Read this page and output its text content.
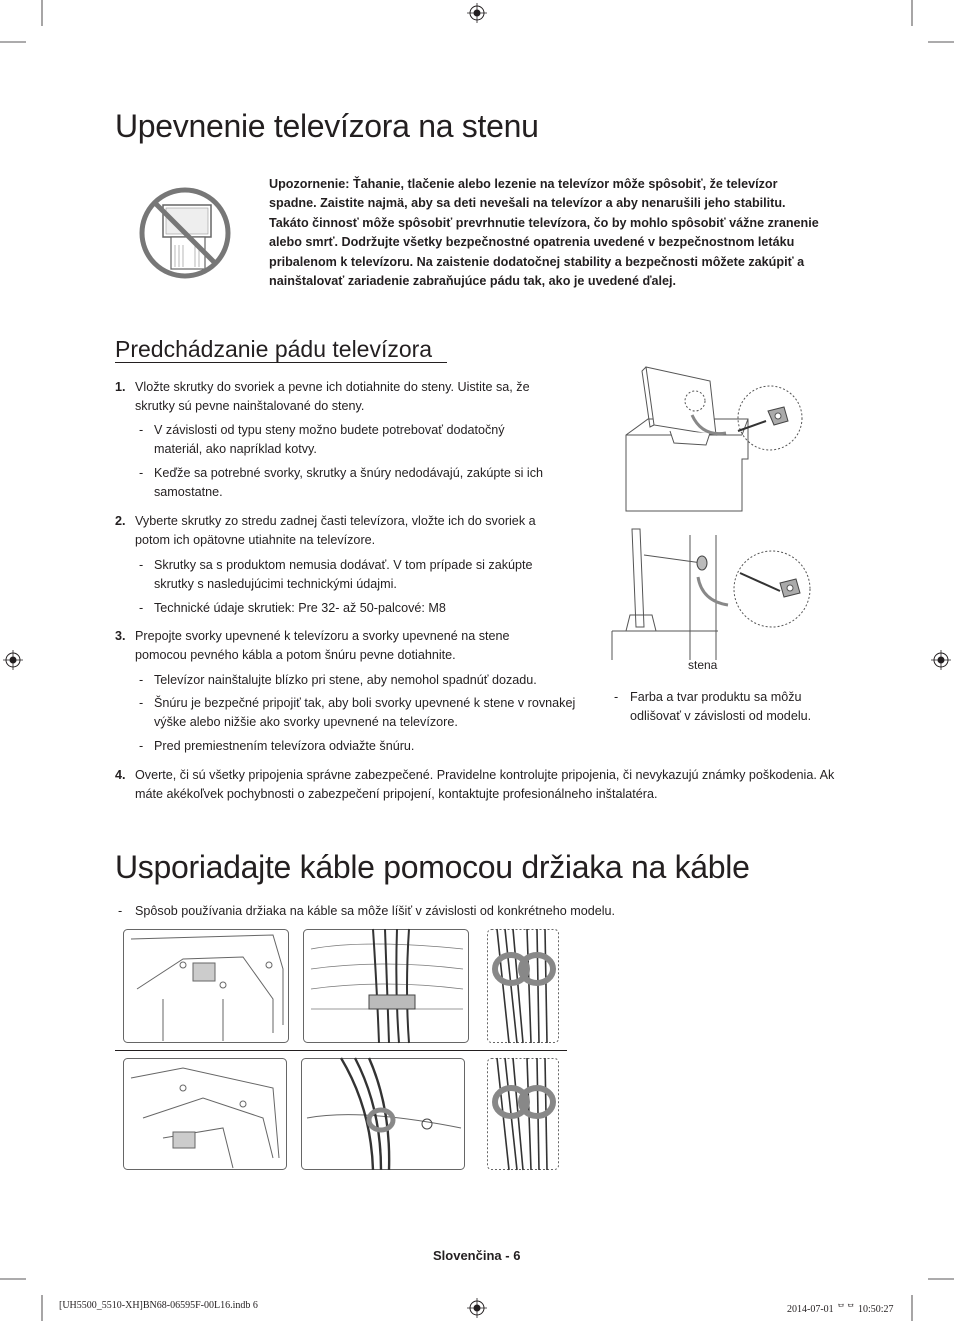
Upevnenie televízora na stenu

Upozornenie: Ťahanie, tlačenie alebo lezenie na televízor môže spôsobiť, že televízor spadne. Zaistite najmä, aby sa deti nevešali na televízor a aby nenarušili jeho stabilitu. Takáto činnosť môže spôsobiť prevrhnutie televízora, čo by mohlo spôsobiť vážne zranenie alebo smrť. Dodržujte všetky bezpečnostné opatrenia uvedené v bezpečnostnom letáku pribalenom k televízoru. Na zaistenie dodatočnej stability a bezpečnosti môžete zakúpiť a nainštalovať zariadenie zabraňujúce pádu tak, ako je uvedené ďalej.

Predchádzanie pádu televízora
1. Vložte skrutky do svoriek a pevne ich dotiahnite do steny. Uistite sa, že skrutky sú pevne nainštalované do steny.

- V závislosti od typu steny možno budete potrebovať dodatočný materiál, ako napríklad kotvy.

- Keďže sa potrebné svorky, skrutky a šnúry nedodávajú, zakúpte si ich samostatne.

2. Vyberte skrutky zo stredu zadnej časti televízora, vložte ich do svoriek a potom ich opätovne utiahnite na televízore.

- Skrutky sa s produktom nemusia dodávať. V tom prípade si zakúpte skrutky s nasledujúcimi technickými údajmi.

- Technické údaje skrutiek: Pre 32- až 50-palcové: M8

3. Prepojte svorky upevnené k televízoru a svorky upevnené na stene pomocou pevného kábla a potom šnúru pevne dotiahnite.

- Televízor nainštalujte blízko pri stene, aby nemohol spadnúť dozadu.

- Šnúru je bezpečné pripojiť tak, aby boli svorky upevnené k stene v rovnakej výške alebo nižšie ako svorky upevnené na televízore.

- Pred premiestnením televízora odviažte šnúru.

4. Overte, či sú všetky pripojenia správne zabezpečené. Pravidelne kontrolujte pripojenia, či nevykazujú známky poškodenia. Ak máte akékoľvek pochybnosti o zabezpečení pripojení, kontaktujte profesionálneho inštalatéra.

stena
- Farba a tvar produktu sa môžu odlišovať v závislosti od modelu.

Usporiadajte káble pomocou držiaka na káble
- Spôsob používania držiaka na káble sa môže líšiť v závislosti od konkrétneho modelu.

Slovenčina - 6
[UH5500_5510-XH]BN68-06595F-00L16.indb 6	2014-07-01 ᄆᄆ 10:50:27
